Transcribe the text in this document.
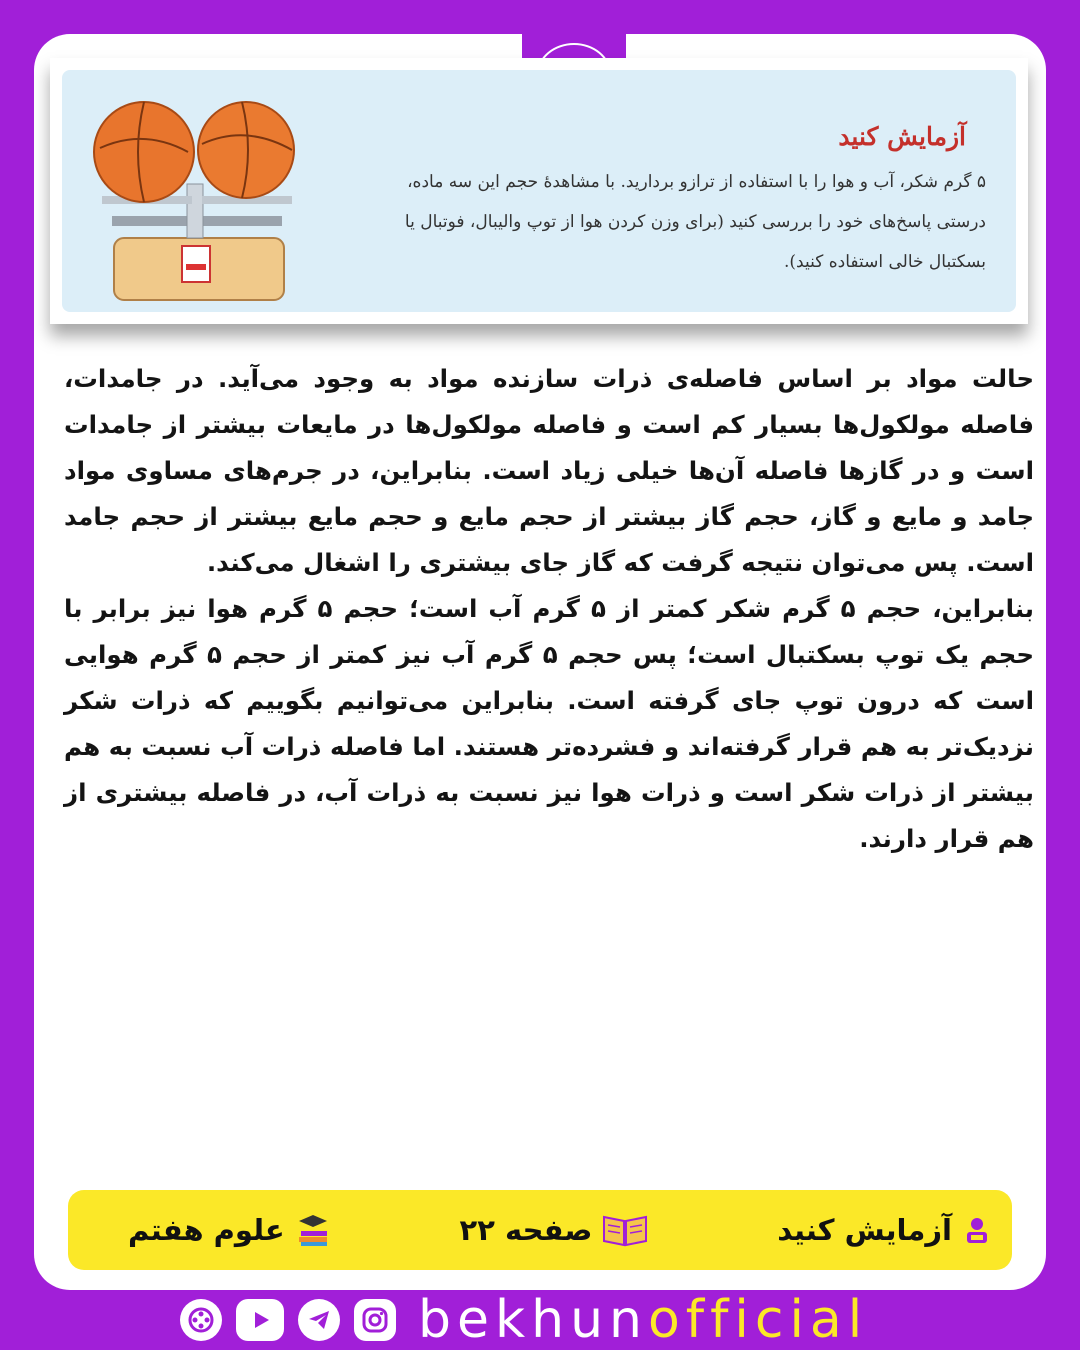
آزمایش کنید
۵ گرم شکر، آب و هوا را با استفاده از ترازو بردارید. با مشاهدهٔ حجم این سه ماده،
درستی پاسخ‌های خود را بررسی کنید (برای وزن کردن هوا از توپ والیبال، فوتبال یا
بسکتبال خالی استفاده کنید).

حالت مواد بر اساس فاصله‌ی ذرات سازنده مواد به وجود می‌آید. در جامدات، فاصله مولکول‌ها بسیار کم است و فاصله مولکول‌ها در مایعات بیشتر از جامدات است و در گازها فاصله آن‌ها خیلی زیاد است. بنابراین، در جرم‌های مساوی مواد جامد و مایع و گاز، حجم گاز بیشتر از حجم مایع و حجم مایع بیشتر از حجم جامد است. پس می‌توان نتیجه گرفت که گاز جای بیشتری را اشغال می‌کند.

بنابراین، حجم ۵ گرم شکر کمتر از ۵ گرم آب است؛ حجم ۵ گرم هوا نیز برابر با حجم یک توپ بسکتبال است؛ پس حجم ۵ گرم آب نیز کمتر از حجم ۵ گرم هوایی است که درون توپ جای گرفته است. بنابراین می‌توانیم بگوییم که ذرات شکر نزدیک‌تر به هم قرار گرفته‌اند و فشرده‌تر هستند. اما فاصله ذرات آب نسبت به هم بیشتر از ذرات شکر است و ذرات هوا نیز نسبت به ذرات آب، در فاصله بیشتری از هم قرار دارند.

آزمایش کنید
صفحه ۲۲
علوم هفتم
bekhunofficial
